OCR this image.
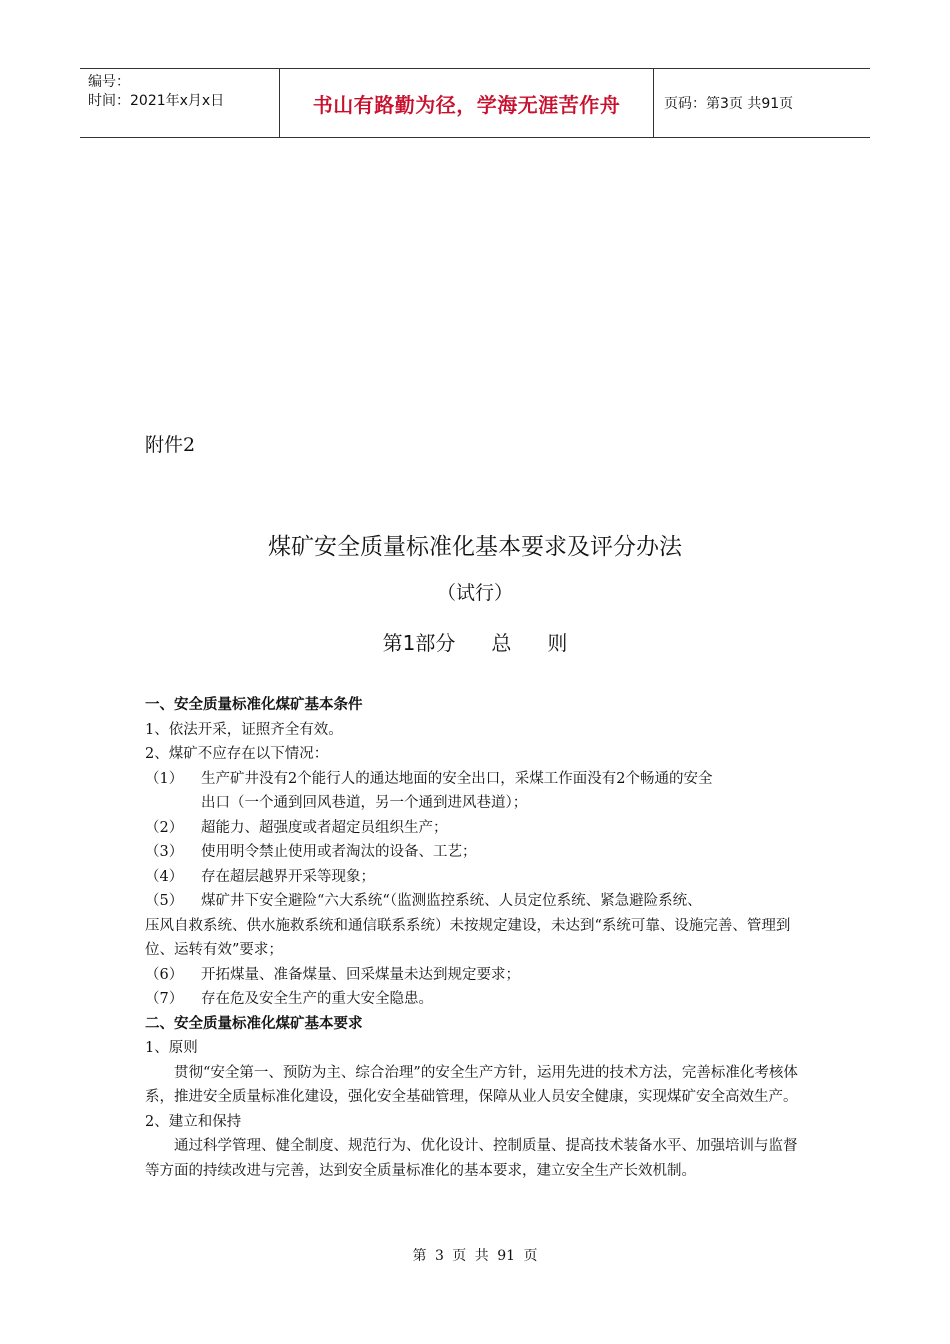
编号：
时间：2021年x月x日	书山有路勤为径，学海无涯苦作舟	页码：第3页 共91页
附件2
煤矿安全质量标准化基本要求及评分办法
（试行）
第1部分 总 则

一、安全质量标准化煤矿基本条件

1、依法开采，证照齐全有效。

2、煤矿不应存在以下情况：

（1）	生产矿井没有2个能行人的通达地面的安全出口，采煤工作面没有2个畅通的安全

出口（一个通到回风巷道，另一个通到进风巷道）；

（2）	超能力、超强度或者超定员组织生产；
（3）	使用明令禁止使用或者淘汰的设备、工艺；
（4）	存在超层越界开采等现象；
（5）	煤矿井下安全避险“六大系统“（监测监控系统、人员定位系统、紧急避险系统、

压风自救系统、供水施救系统和通信联系系统）未按规定建设，未达到“系统可靠、设施完善、管理到位、运转有效”要求；

（6）	开拓煤量、准备煤量、回采煤量未达到规定要求；
（7）	存在危及安全生产的重大安全隐患。

二、安全质量标准化煤矿基本要求

1、原则

贯彻“安全第一、预防为主、综合治理”的安全生产方针，运用先进的技术方法，完善标准化考核体系，推进安全质量标准化建设，强化安全基础管理，保障从业人员安全健康，实现煤矿安全高效生产。

2、建立和保持

通过科学管理、健全制度、规范行为、优化设计、控制质量、提高技术装备水平、加强培训与监督等方面的持续改进与完善，达到安全质量标准化的基本要求，建立安全生产长效机制。

第 3 页 共 91 页
